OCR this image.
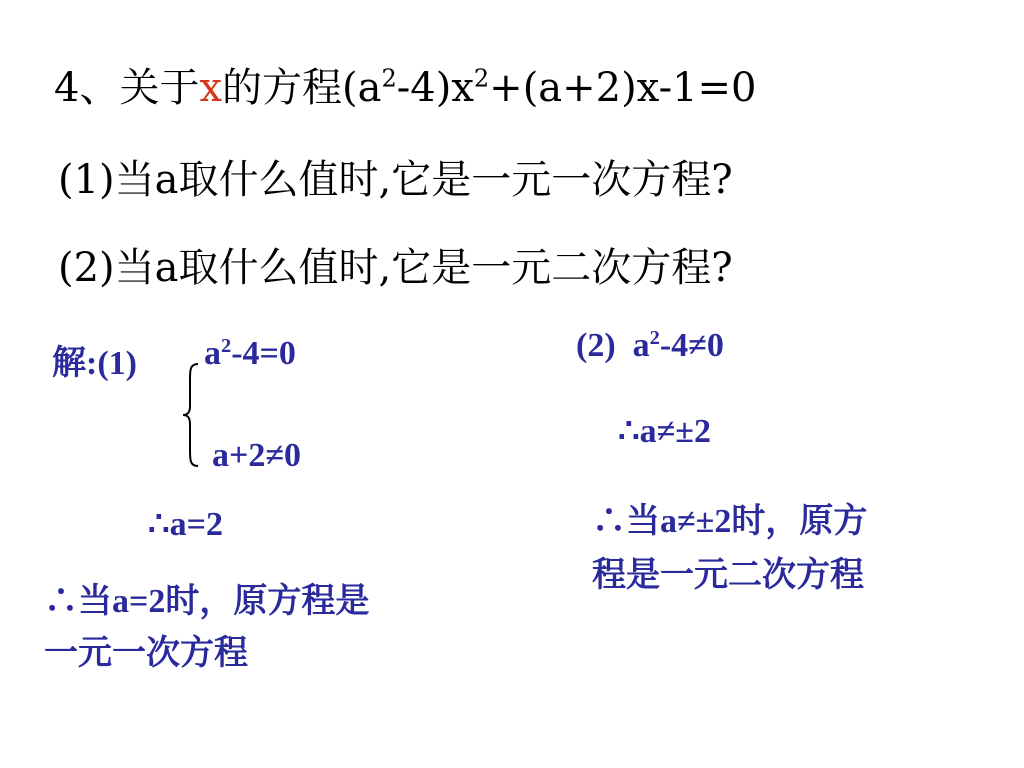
4、关于x的方程$(a^2-4)x^2+(a+2)x-1=0$
(1)当a取什么值时,它是一元一次方程?
(2)当a取什么值时,它是一元二次方程?
解:(1) $a^2-4=0$
a+2≠0
∴a=2
∴当a=2时，原方程是
一元一次方程
(2) $a^2-4\ne 0$
∴a≠±2
∴当a≠±2时，原方
程是一元二次方程
